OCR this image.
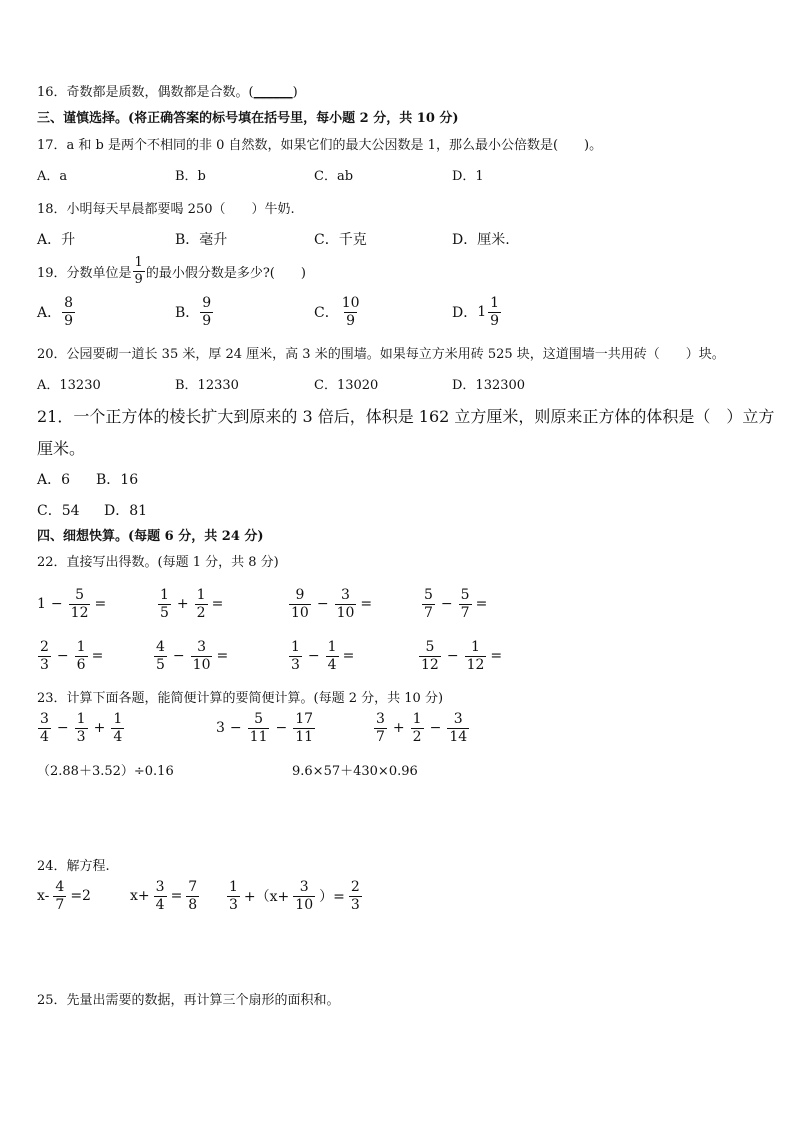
16．奇数都是质数，偶数都是合数。(______)
三、谨慎选择。(将正确答案的标号填在括号里，每小题 2 分，共 10 分)
17．a 和 b 是两个不相同的非 0 自然数，如果它们的最大公因数是 1，那么最小公倍数是(　　)。
A．a	B．b	C．ab	D．1
18．小明每天早晨都要喝 250（　　）牛奶.
A．升	B．毫升	C．千克	D．厘米.
19．分数单位是 $\frac{1}{9}$ 的最小假分数是多少?(　　)
A． $\frac{8}{9}$	B． $\frac{9}{9}$	C． $\frac{10}{9}$	D． $1 \frac{1}{9}$
20．公园要砌一道长 35 米，厚 24 厘米，高 3 米的围墙。如果每立方米用砖 525 块，这道围墙一共用砖（　　）块。
A．13230	B．12330	C．13020	D．132300
21．一个正方体的棱长扩大到原来的 3 倍后，体积是 162 立方厘米，则原来正方体的体积是（　）立方
厘米。
A．6 B．16
C．54 D．81
四、细想快算。(每题 6 分，共 24 分)
22．直接写出得数。(每题 1 分，共 8 分)
$1 - \frac{5}{12}$ =	$\frac{1}{5} + \frac{1}{2}$ =	$\frac{9}{10} - \frac{3}{10}$ =	$\frac{5}{7} - \frac{5}{7}$ =
$\frac{2}{3} - \frac{1}{6}$ =	$\frac{4}{5} - \frac{3}{10}$ =	$\frac{1}{3} - \frac{1}{4}$ =	$\frac{5}{12} - \frac{1}{12}$ =
23．计算下面各题，能简便计算的要简便计算。(每题 2 分，共 10 分)
$\frac{3}{4} - \frac{1}{3} + \frac{1}{4}$	$3 - \frac{5}{11} - \frac{17}{11}$	$\frac{3}{7} + \frac{1}{2} - \frac{3}{14}$
（2.88＋3.52）÷0.16	9.6×57＋430×0.96
24．解方程.
$x- \frac{4}{7} =2$	$x+ \frac{3}{4} = \frac{7}{8} \frac{1}{3} +(x+ \frac{3}{10}$ ）= $\frac{2}{3}$
25．先量出需要的数据，再计算三个扇形的面积和。
